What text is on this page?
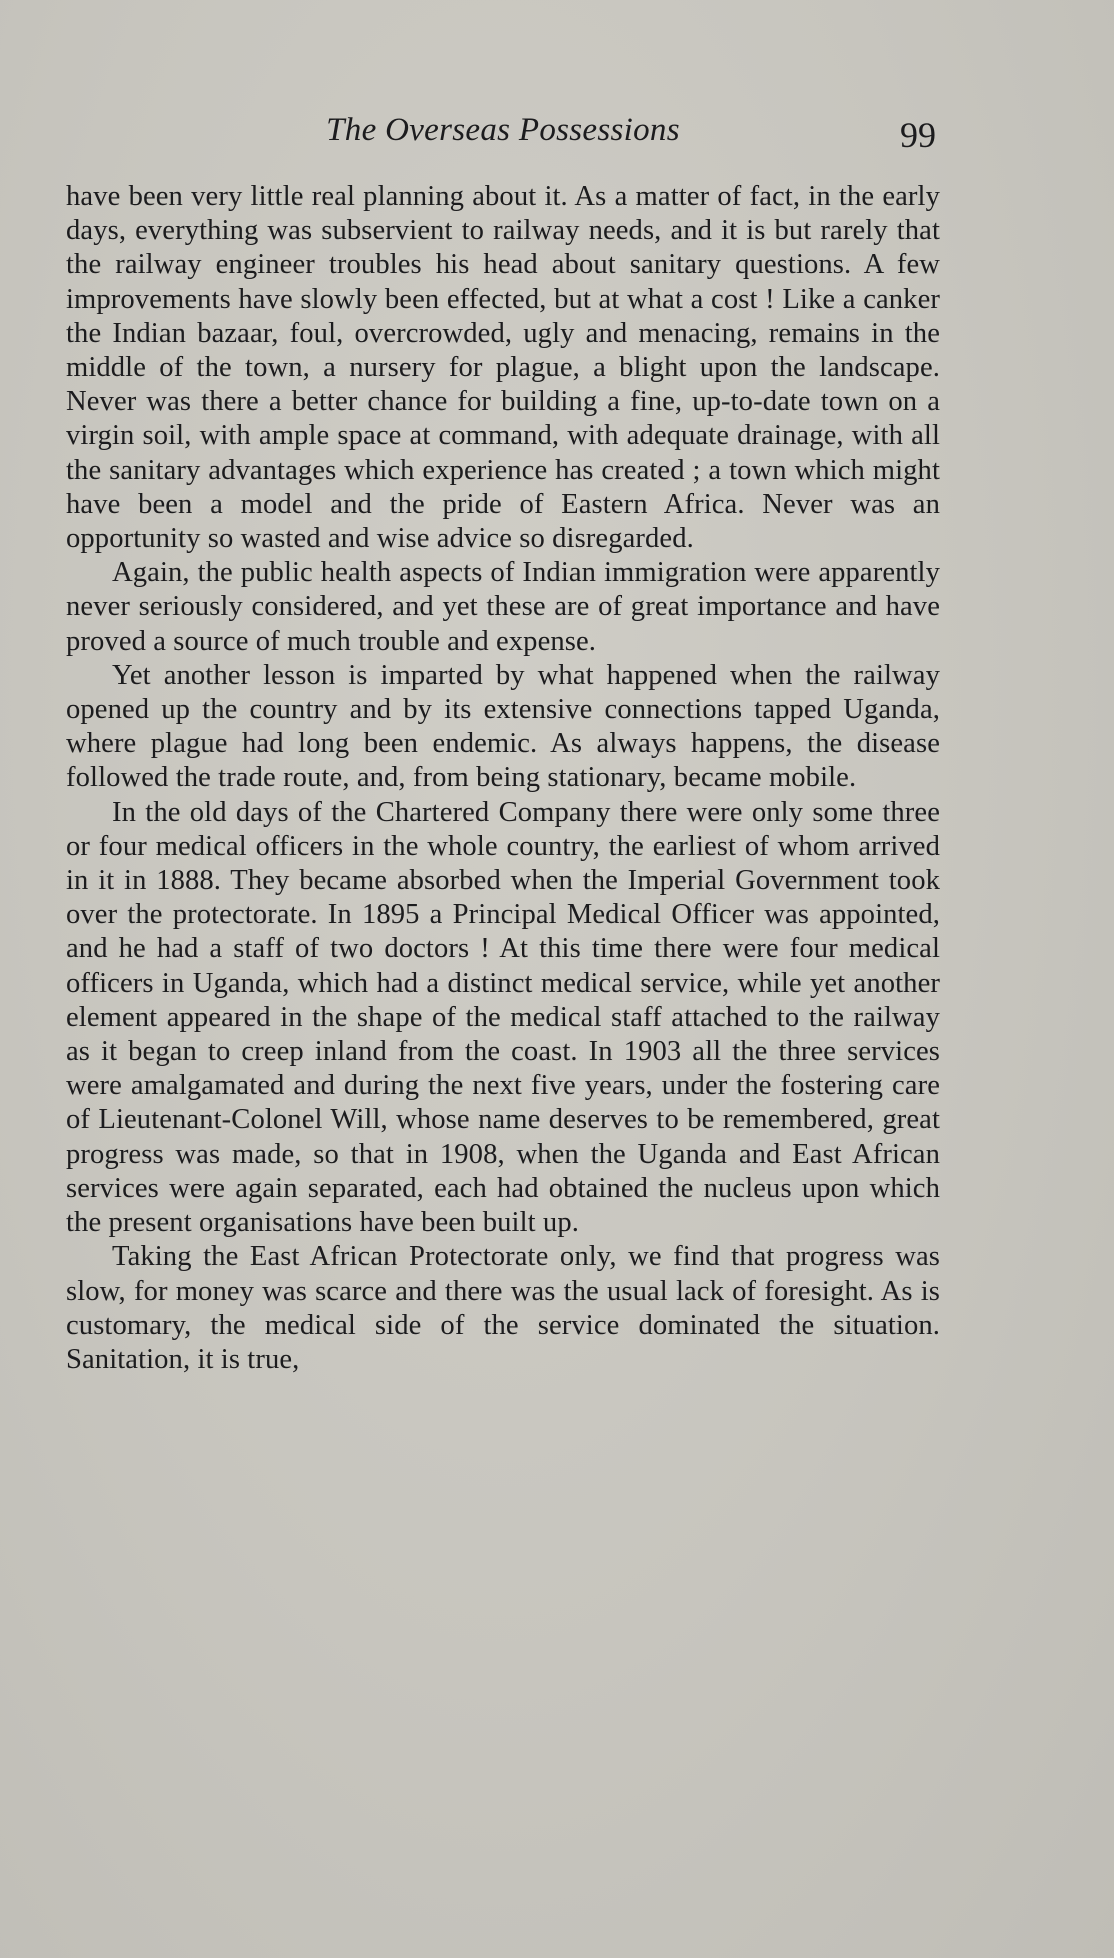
The Overseas Possessions	99

have been very little real planning about it. As a matter of fact, in the early days, everything was subservient to railway needs, and it is but rarely that the railway engineer troubles his head about sanitary questions. A few improvements have slowly been effected, but at what a cost ! Like a canker the Indian bazaar, foul, overcrowded, ugly and menacing, remains in the middle of the town, a nursery for plague, a blight upon the landscape. Never was there a better chance for building a fine, up-to-date town on a virgin soil, with ample space at command, with adequate drainage, with all the sanitary advantages which experience has created ; a town which might have been a model and the pride of Eastern Africa. Never was an opportunity so wasted and wise advice so disregarded.

Again, the public health aspects of Indian immigration were apparently never seriously considered, and yet these are of great importance and have proved a source of much trouble and expense.

Yet another lesson is imparted by what happened when the railway opened up the country and by its extensive connections tapped Uganda, where plague had long been endemic. As always happens, the disease followed the trade route, and, from being stationary, became mobile.

In the old days of the Chartered Company there were only some three or four medical officers in the whole country, the earliest of whom arrived in it in 1888. They became absorbed when the Imperial Government took over the protectorate. In 1895 a Principal Medical Officer was appointed, and he had a staff of two doctors ! At this time there were four medical officers in Uganda, which had a distinct medical service, while yet another element appeared in the shape of the medical staff attached to the railway as it began to creep inland from the coast. In 1903 all the three services were amalgamated and during the next five years, under the fostering care of Lieutenant-Colonel Will, whose name deserves to be remembered, great progress was made, so that in 1908, when the Uganda and East African services were again separated, each had obtained the nucleus upon which the present organisations have been built up.

Taking the East African Protectorate only, we find that progress was slow, for money was scarce and there was the usual lack of foresight. As is customary, the medical side of the service dominated the situation. Sanitation, it is true,
